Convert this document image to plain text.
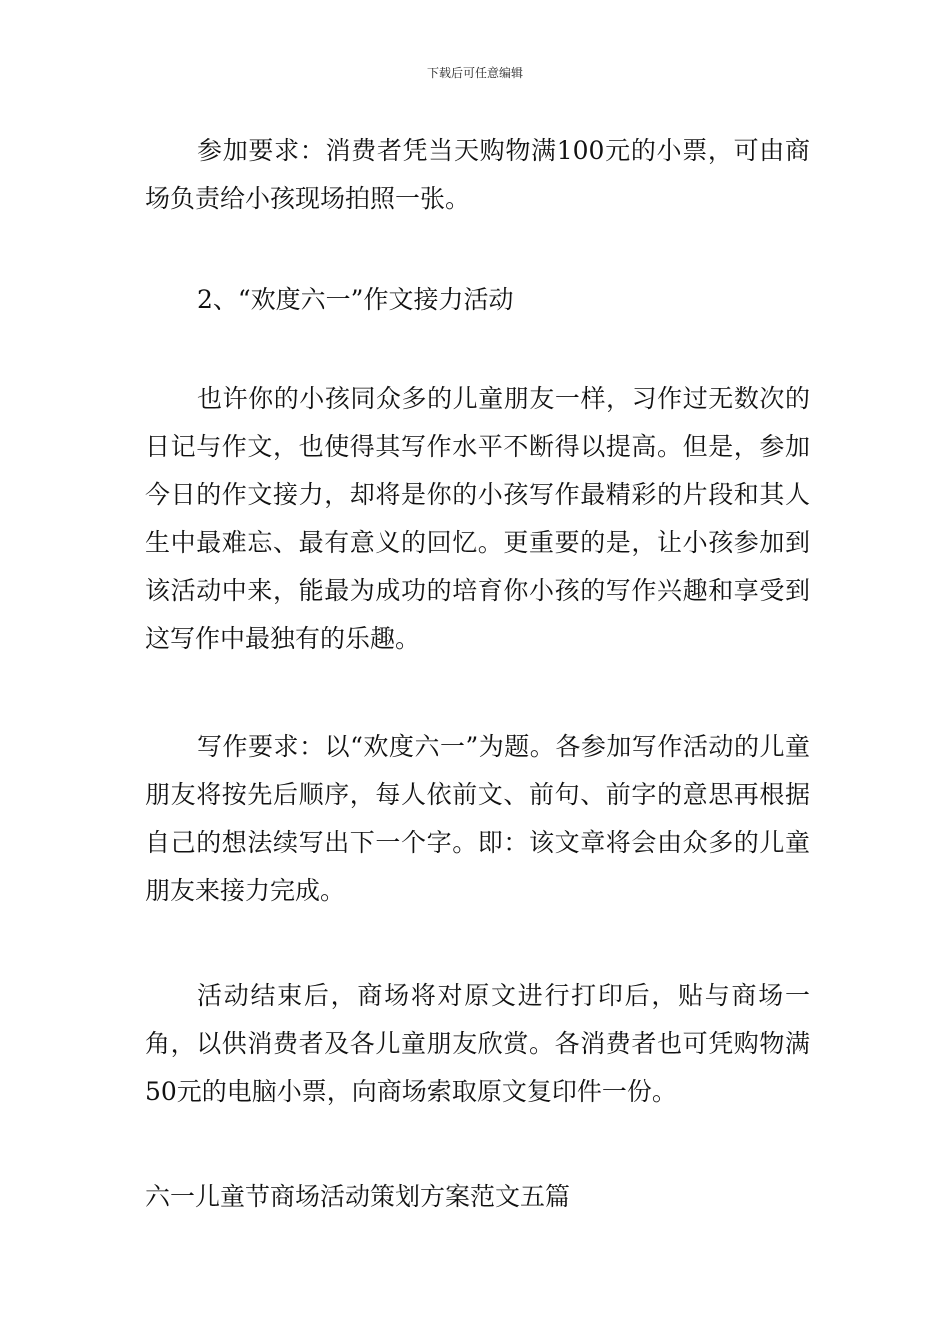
下载后可任意编辑

参加要求：消费者凭当天购物满100元的小票，可由商场负责给小孩现场拍照一张。

2、“欢度六一”作文接力活动

也许你的小孩同众多的儿童朋友一样，习作过无数次的日记与作文，也使得其写作水平不断得以提高。但是，参加今日的作文接力，却将是你的小孩写作最精彩的片段和其人生中最难忘、最有意义的回忆。更重要的是，让小孩参加到该活动中来，能最为成功的培育你小孩的写作兴趣和享受到这写作中最独有的乐趣。

写作要求：以“欢度六一”为题。各参加写作活动的儿童朋友将按先后顺序，每人依前文、前句、前字的意思再根据自己的想法续写出下一个字。即：该文章将会由众多的儿童朋友来接力完成。

活动结束后，商场将对原文进行打印后，贴与商场一角，以供消费者及各儿童朋友欣赏。各消费者也可凭购物满50元的电脑小票，向商场索取原文复印件一份。

六一儿童节商场活动策划方案范文五篇
